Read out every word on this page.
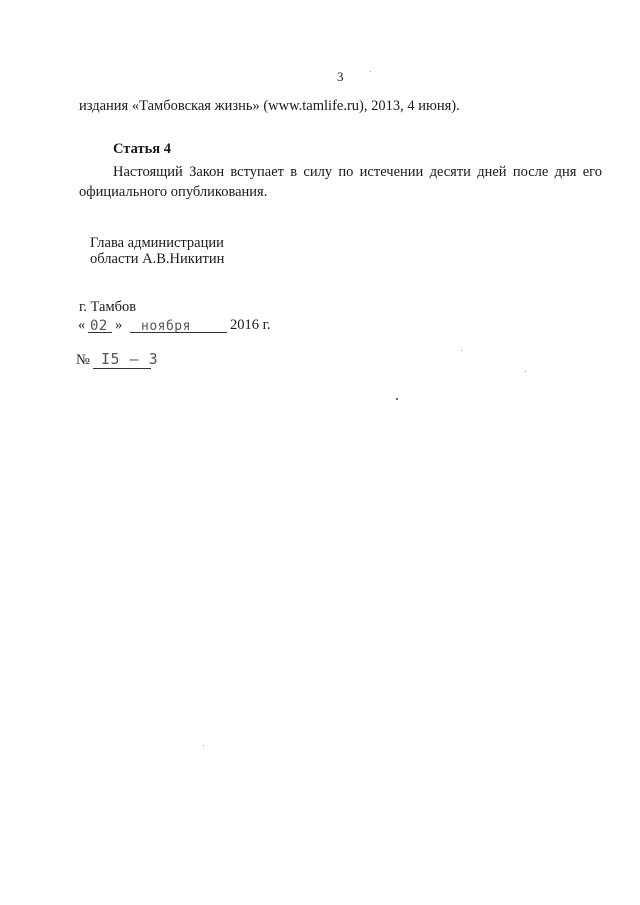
3
издания «Тамбовская жизнь» (www.tamlife.ru), 2013, 4 июня).
Статья 4
Настоящий Закон вступает в силу по истечении десяти дней после дня его
официального опубликования.
Глава администрации
области А.В.Никитин
г. Тамбов
« 02 » ноября	2016 г.
№ I5 – 3
